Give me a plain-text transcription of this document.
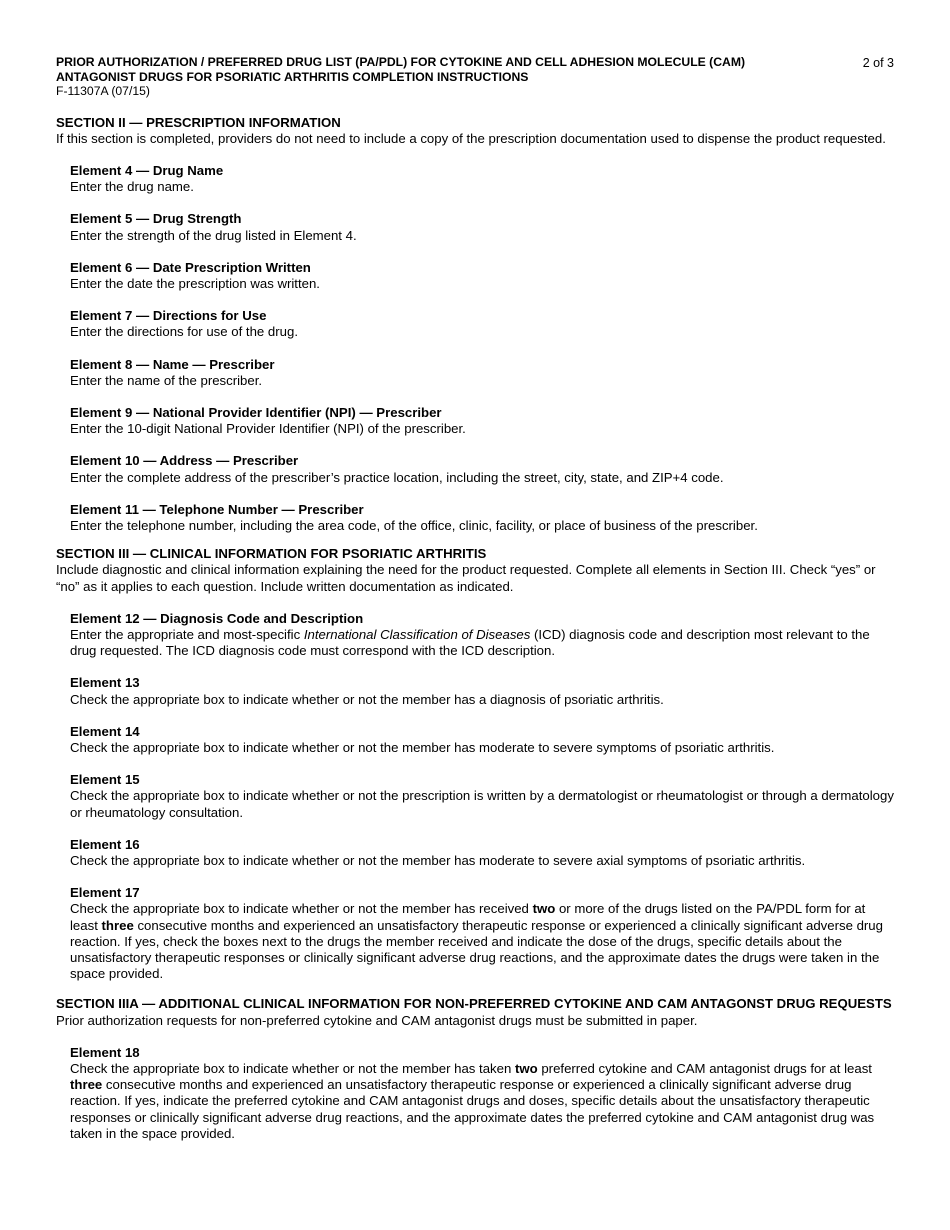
PRIOR AUTHORIZATION / PREFERRED DRUG LIST (PA/PDL) FOR CYTOKINE AND CELL ADHESION MOLECULE (CAM)
ANTAGONIST DRUGS FOR PSORIATIC ARTHRITIS COMPLETION INSTRUCTIONS
F-11307A (07/15)
2 of 3
SECTION II — PRESCRIPTION INFORMATION

If this section is completed, providers do not need to include a copy of the prescription documentation used to dispense the product requested.

Element 4 — Drug Name

Enter the drug name.

Element 5 — Drug Strength

Enter the strength of the drug listed in Element 4.

Element 6 — Date Prescription Written

Enter the date the prescription was written.

Element 7 — Directions for Use

Enter the directions for use of the drug.

Element 8 — Name — Prescriber

Enter the name of the prescriber.

Element 9 — National Provider Identifier (NPI) — Prescriber

Enter the 10-digit National Provider Identifier (NPI) of the prescriber.

Element 10 — Address — Prescriber

Enter the complete address of the prescriber’s practice location, including the street, city, state, and ZIP+4 code.

Element 11 — Telephone Number — Prescriber

Enter the telephone number, including the area code, of the office, clinic, facility, or place of business of the prescriber.

SECTION III — CLINICAL INFORMATION FOR PSORIATIC ARTHRITIS

Include diagnostic and clinical information explaining the need for the product requested. Complete all elements in Section III. Check “yes” or “no” as it applies to each question. Include written documentation as indicated.

Element 12 — Diagnosis Code and Description

Enter the appropriate and most-specific International Classification of Diseases (ICD) diagnosis code and description most relevant to the drug requested. The ICD diagnosis code must correspond with the ICD description.

Element 13

Check the appropriate box to indicate whether or not the member has a diagnosis of psoriatic arthritis.

Element 14

Check the appropriate box to indicate whether or not the member has moderate to severe symptoms of psoriatic arthritis.

Element 15

Check the appropriate box to indicate whether or not the prescription is written by a dermatologist or rheumatologist or through a dermatology or rheumatology consultation.

Element 16

Check the appropriate box to indicate whether or not the member has moderate to severe axial symptoms of psoriatic arthritis.

Element 17

Check the appropriate box to indicate whether or not the member has received two or more of the drugs listed on the PA/PDL form for at least three consecutive months and experienced an unsatisfactory therapeutic response or experienced a clinically significant adverse drug reaction. If yes, check the boxes next to the drugs the member received and indicate the dose of the drugs, specific details about the unsatisfactory therapeutic responses or clinically significant adverse drug reactions, and the approximate dates the drugs were taken in the space provided.

SECTION IIIA — ADDITIONAL CLINICAL INFORMATION FOR NON-PREFERRED CYTOKINE AND CAM ANTAGONST DRUG REQUESTS

Prior authorization requests for non-preferred cytokine and CAM antagonist drugs must be submitted in paper.

Element 18

Check the appropriate box to indicate whether or not the member has taken two preferred cytokine and CAM antagonist drugs for at least three consecutive months and experienced an unsatisfactory therapeutic response or experienced a clinically significant adverse drug reaction. If yes, indicate the preferred cytokine and CAM antagonist drugs and doses, specific details about the unsatisfactory therapeutic responses or clinically significant adverse drug reactions, and the approximate dates the preferred cytokine and CAM antagonist drug was taken in the space provided.
